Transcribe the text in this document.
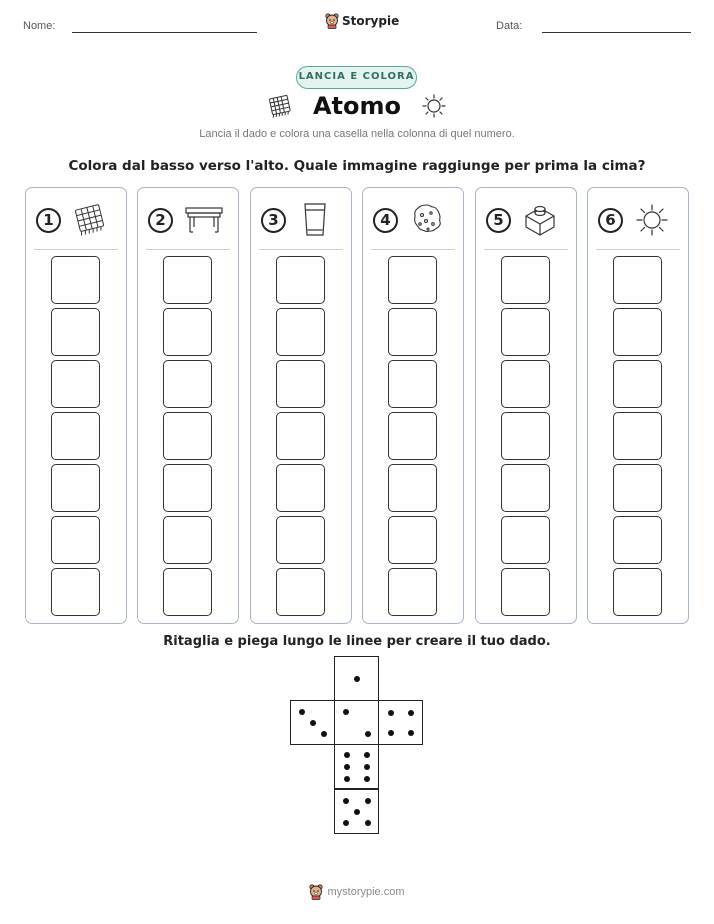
Nome:	Storypie	Data:
LANCIA E COLORA
Atomo
Lancia il dado e colora una casella nella colonna di quel numero.
Colora dal basso verso l'alto. Quale immagine raggiunge per prima la cima?
1	2	3	4	5	6
Ritaglia e piega lungo le linee per creare il tuo dado.
mystorypie.com
